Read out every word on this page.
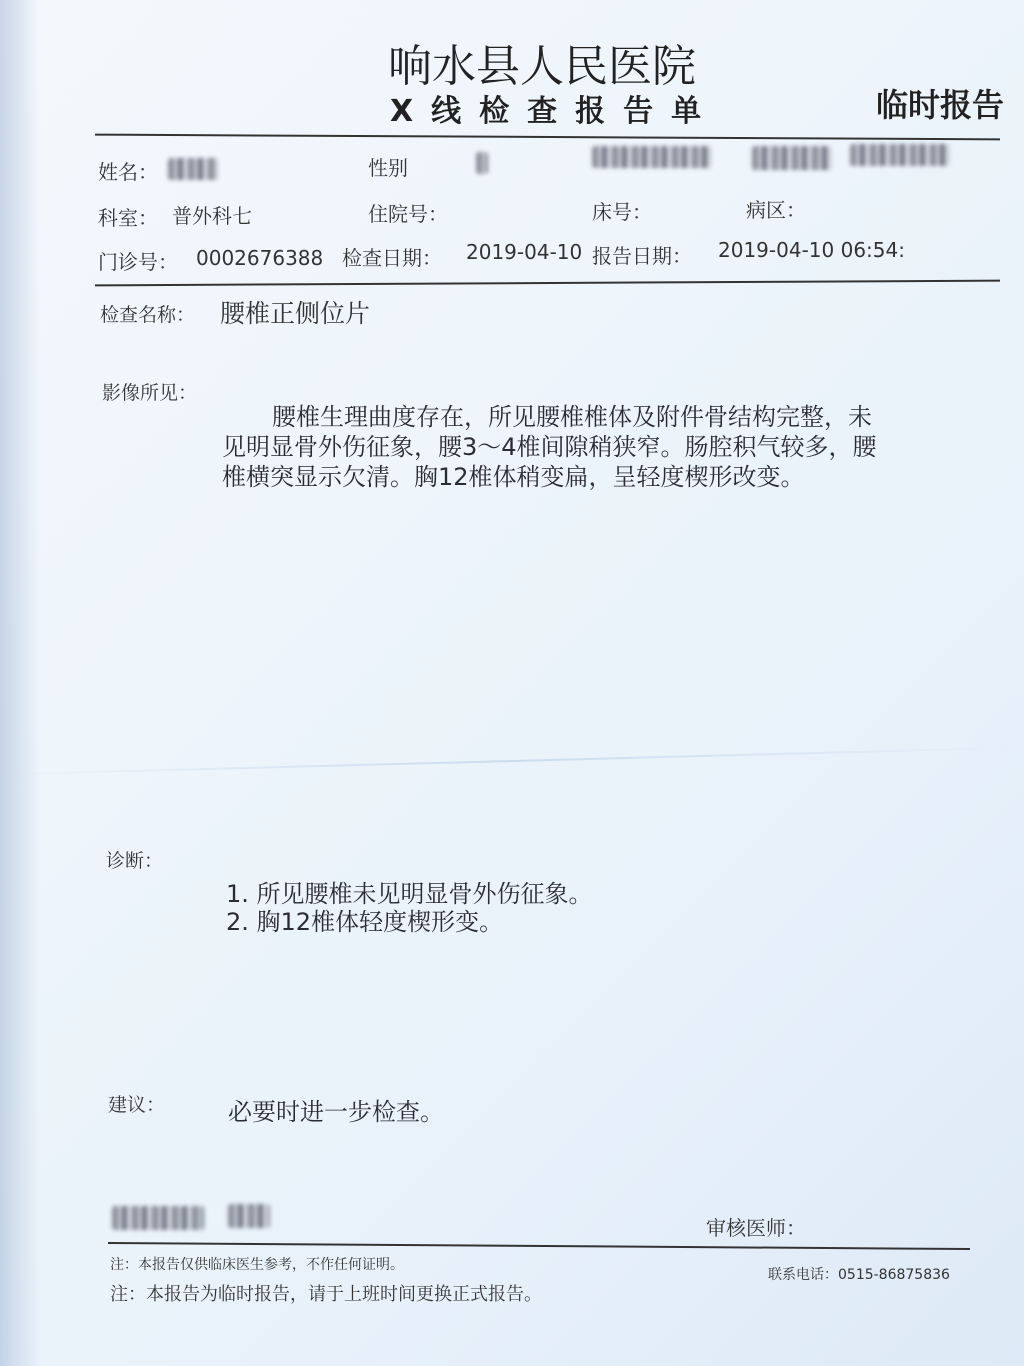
响水县人民医院
X线检查报告单	临时报告
姓名：	性别
科室： 普外科七	住院号：	床号：	病区：
门诊号： 0002676388 检查日期： 2019-04-10 报告日期： 2019-04-10 06:54:
检查名称： 腰椎正侧位片
影像所见：
腰椎生理曲度存在，所见腰椎椎体及附件骨结构完整，未
见明显骨外伤征象，腰3～4椎间隙稍狭窄。肠腔积气较多，腰
椎横突显示欠清。胸12椎体稍变扁，呈轻度楔形改变。
诊断：
1. 所见腰椎未见明显骨外伤征象。
2. 胸12椎体轻度楔形变。
建议：	必要时进一步检查。
审核医师：
注：本报告仅供临床医生参考，不作任何证明。
联系电话：0515-86875836
注：本报告为临时报告，请于上班时间更换正式报告。
